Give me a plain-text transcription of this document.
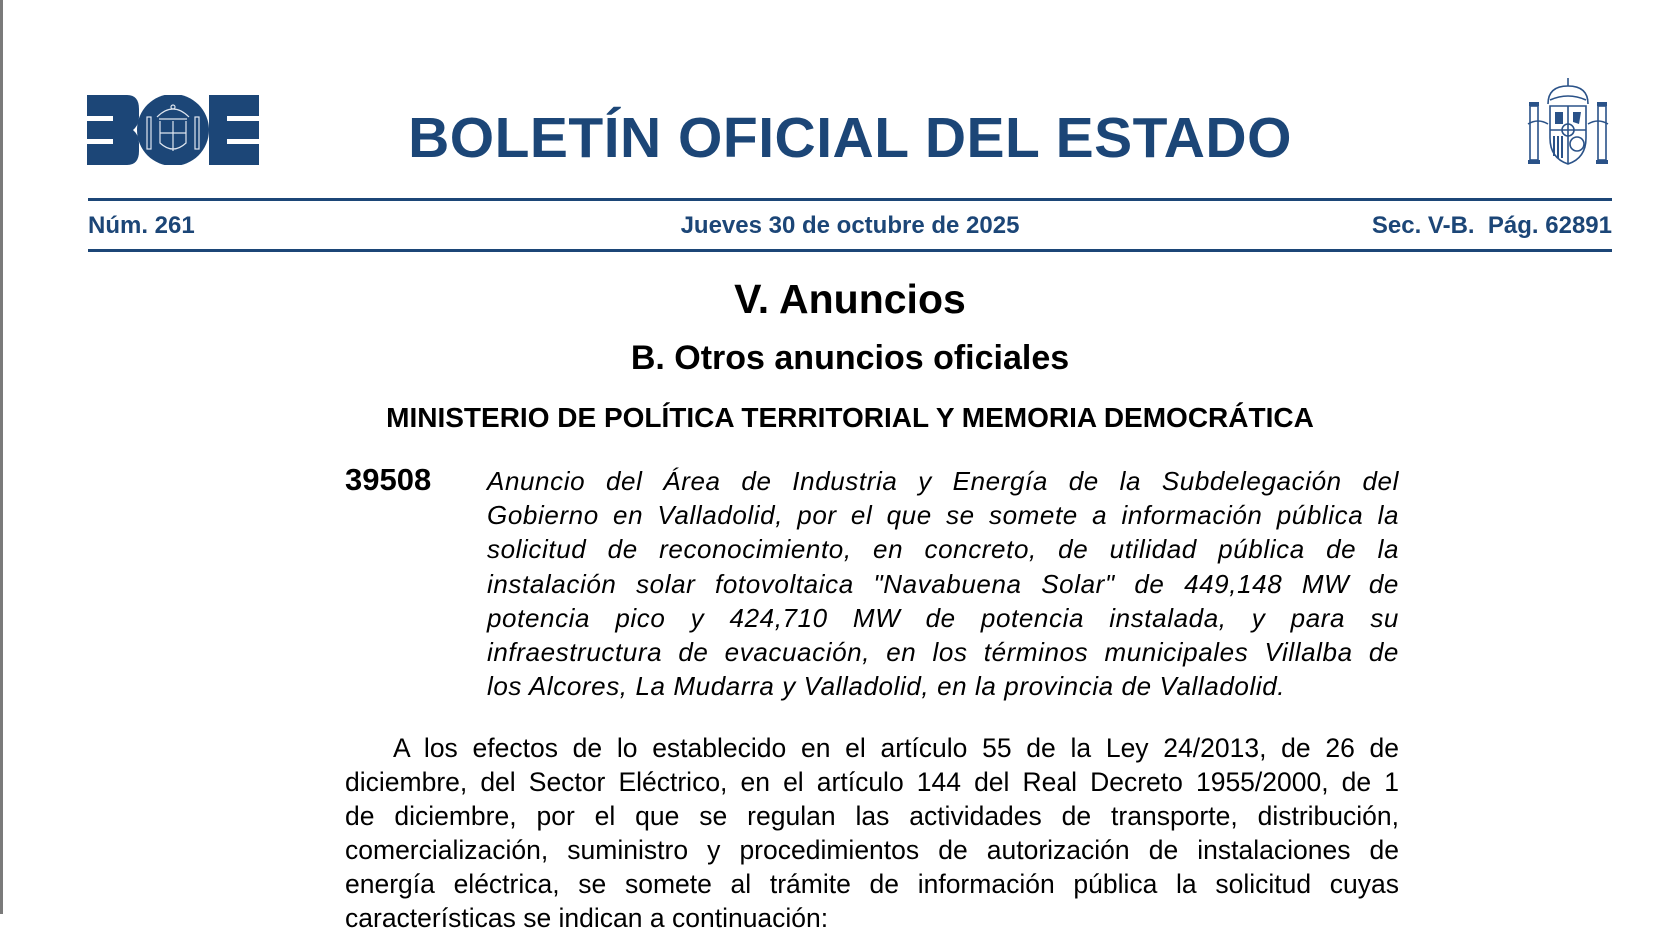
BOLETÍN OFICIAL DEL ESTADO
Núm. 261	Jueves 30 de octubre de 2025	Sec. V-B.  Pág. 62891
V. Anuncios
B. Otros anuncios oficiales
MINISTERIO DE POLÍTICA TERRITORIAL Y MEMORIA DEMOCRÁTICA
39508 Anuncio del Área de Industria y Energía de la Subdelegación del
Gobierno en Valladolid, por el que se somete a información pública la
solicitud de reconocimiento, en concreto, de utilidad pública de la
instalación solar fotovoltaica "Navabuena Solar" de 449,148 MW de
potencia pico y 424,710 MW de potencia instalada, y para su
infraestructura de evacuación, en los términos municipales Villalba de
los Alcores, La Mudarra y Valladolid, en la provincia de Valladolid.
A los efectos de lo establecido en el artículo 55 de la Ley 24/2013, de 26 de
diciembre, del Sector Eléctrico, en el artículo 144 del Real Decreto 1955/2000, de 1
de diciembre, por el que se regulan las actividades de transporte, distribución,
comercialización, suministro y procedimientos de autorización de instalaciones de
energía eléctrica, se somete al trámite de información pública la solicitud cuyas
características se indican a continuación:
